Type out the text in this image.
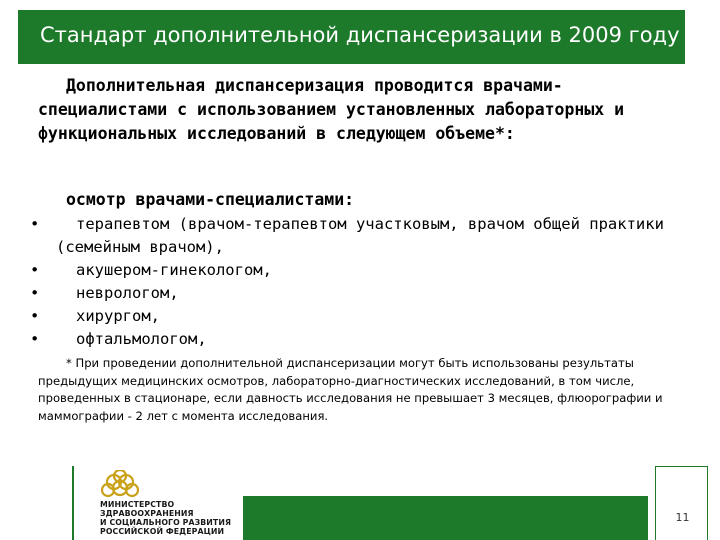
Стандарт дополнительной диспансеризации в 2009 году
Дополнительная диспансеризация проводится врачами-специалистами с использованием установленных лабораторных и функциональных исследований в следующем объеме*:
осмотр врачами-специалистами:
• терапевтом (врачом-терапевтом участковым, врачом общей практики
(семейным врачом),
• акушером-гинекологом,
• неврологом,
• хирургом,
• офтальмологом,
* При проведении дополнительной диспансеризации могут быть использованы результаты предыдущих медицинских осмотров, лабораторно-диагностических исследований, в том числе, проведенных в стационаре, если давность исследования не превышает 3 месяцев, флюорографии и маммографии - 2 лет с момента исследования.
МИНИСТЕРСТВО
ЗДРАВООХРАНЕНИЯ
И СОЦИАЛЬНОГО РАЗВИТИЯ
РОССИЙСКОЙ ФЕДЕРАЦИИ
11
